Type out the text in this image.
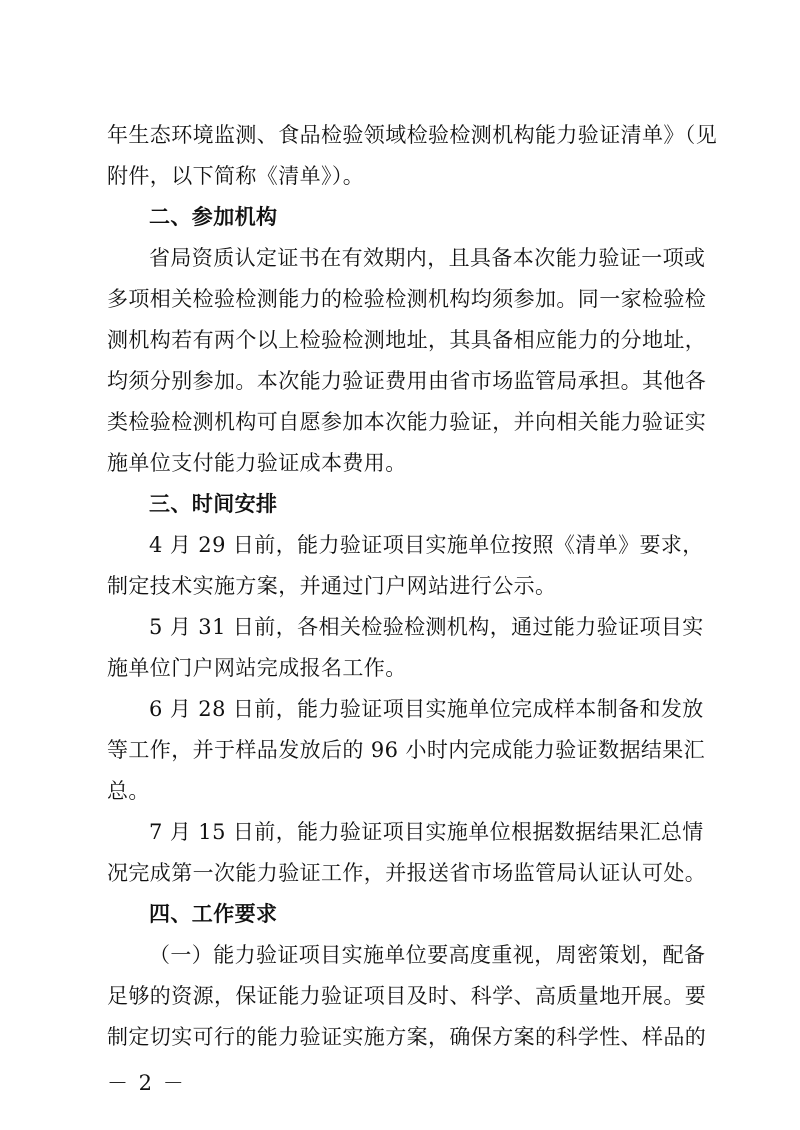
年生态环境监测、食品检验领域检验检测机构能力验证清单》（见
附件，以下简称《清单》）。
二、参加机构
省局资质认定证书在有效期内，且具备本次能力验证一项或
多项相关检验检测能力的检验检测机构均须参加。同一家检验检
测机构若有两个以上检验检测地址，其具备相应能力的分地址，
均须分别参加。本次能力验证费用由省市场监管局承担。其他各
类检验检测机构可自愿参加本次能力验证，并向相关能力验证实
施单位支付能力验证成本费用。
三、时间安排
4 月 29 日前，能力验证项目实施单位按照《清单》要求，
制定技术实施方案，并通过门户网站进行公示。
5 月 31 日前，各相关检验检测机构，通过能力验证项目实
施单位门户网站完成报名工作。
6 月 28 日前，能力验证项目实施单位完成样本制备和发放
等工作，并于样品发放后的 96 小时内完成能力验证数据结果汇
总。
7 月 15 日前，能力验证项目实施单位根据数据结果汇总情
况完成第一次能力验证工作，并报送省市场监管局认证认可处。
四、工作要求
（一）能力验证项目实施单位要高度重视，周密策划，配备
足够的资源，保证能力验证项目及时、科学、高质量地开展。要
制定切实可行的能力验证实施方案，确保方案的科学性、样品的
－ 2 －
